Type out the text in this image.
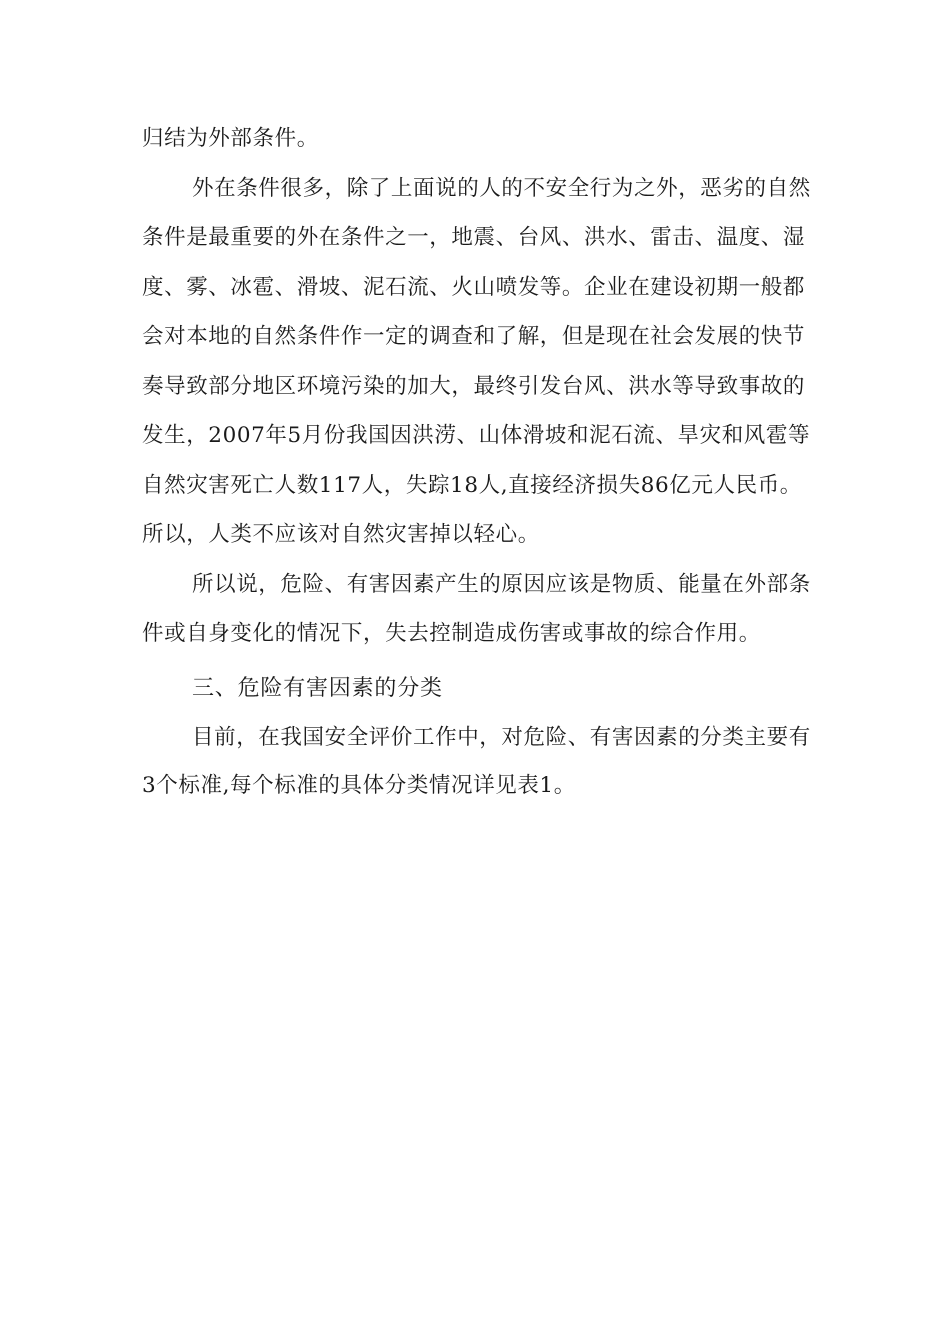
归结为外部条件。
外在条件很多，除了上面说的人的不安全行为之外，恶劣的自然
条件是最重要的外在条件之一，地震、台风、洪水、雷击、温度、湿
度、雾、冰雹、滑坡、泥石流、火山喷发等。企业在建设初期一般都
会对本地的自然条件作一定的调查和了解，但是现在社会发展的快节
奏导致部分地区环境污染的加大，最终引发台风、洪水等导致事故的
发生，2007年5月份我国因洪涝、山体滑坡和泥石流、旱灾和风雹等
自然灾害死亡人数117人，失踪18人,直接经济损失86亿元人民币。
所以，人类不应该对自然灾害掉以轻心。
所以说，危险、有害因素产生的原因应该是物质、能量在外部条
件或自身变化的情况下，失去控制造成伤害或事故的综合作用。
三、危险有害因素的分类
目前，在我国安全评价工作中，对危险、有害因素的分类主要有
3个标准,每个标准的具体分类情况详见表1。
